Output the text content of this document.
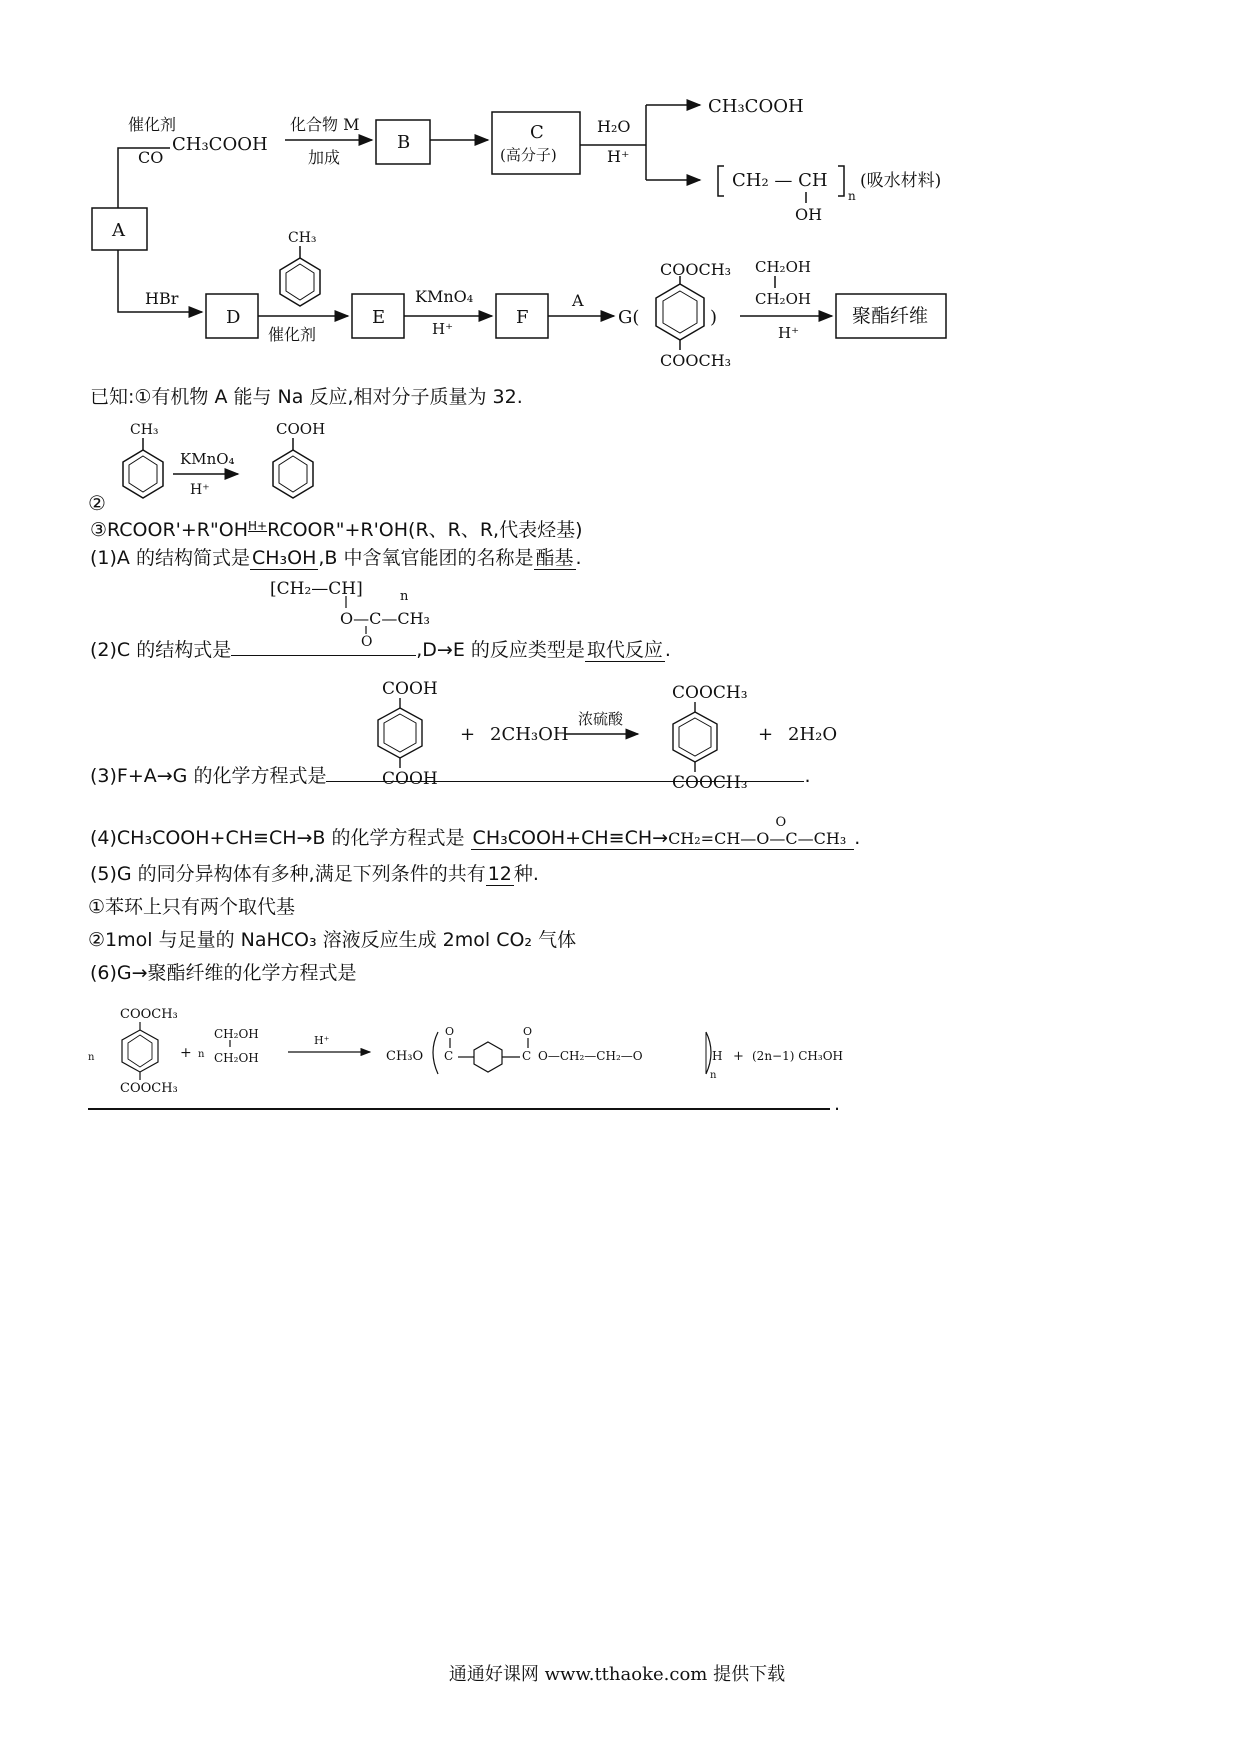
催化剂
CO
CH₃COOH
化合物 M
加成
B	C
(高分子)
H₂O
H⁺
CH₃COOH
CH₂ — CH
n
OH
(吸水材料)
A
HBr
D
CH₃
催化剂
E
KMnO₄
H⁺
F
A
G(	)
COOCH₃
COOCH₃
CH₂OH
CH₂OH
H⁺
聚酯纤维
已知:①有机物 A 能与 Na 反应,相对分子质量为 32.
②
CH₃
KMnO₄
H⁺
COOH
$③RCOOR'+R"OH^{H+}RCOOR"+R'OH(R$、R、R,代表烃基)
(1)A 的结构简式是 CH₃OH ,B 中含氧官能团的名称是 酯基 .
[CH₂—CH]	n
O—C—CH₃
O
(2)C 的结构式是	,D→E 的反应类型是 取代反应 .
COOH
COOH
+ 2CH₃OH
浓硫酸
COOCH₃
COOCH₃
+ 2H₂O
(3)F+A→G 的化学方程式是	.
(4)CH₃COOH+CH≡CH→B 的化学方程式是 CH₃COOH+CH≡CH→CH₂=CH—O—C—CH₃
O
.
(5)G 的同分异构体有多种,满足下列条件的共有 12 种.
①苯环上只有两个取代基
②1mol 与足量的 NaHCO₃ 溶液反应生成 2mol CO₂ 气体
(6)G→聚酯纤维的化学方程式是
n
COOCH₃
COOCH₃
+ n
CH₂OH
CH₂OH
H⁺
CH₃O
O	O
C	C O—CH₂—CH₂—O	H
n
+ (2n−1) CH₃OH
.
通通好课网 www.tthaoke.com 提供下载
